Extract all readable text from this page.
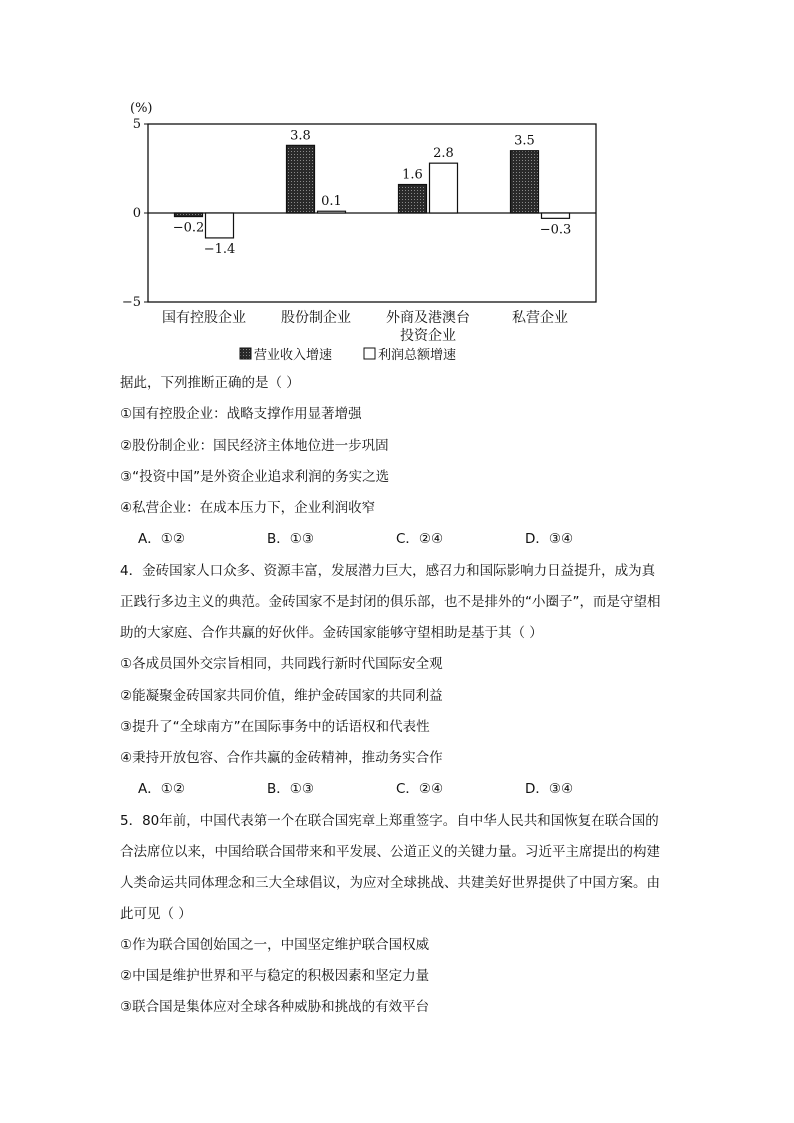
(%)
5
0
−5
−0.2
−1.4
3.8
0.1
1.6
2.8
3.5
−0.3
国有控股企业	股份制企业	外商及港澳台
投资企业
私营企业
营业收入增速	利润总额增速
据此，下列推断正确的是（ ）
①国有控股企业：战略支撑作用显著增强
②股份制企业：国民经济主体地位进一步巩固
③“投资中国”是外资企业追求利润的务实之选
④私营企业：在成本压力下，企业利润收窄
A．①②	B．①③	C．②④	D．③④
4．金砖国家人口众多、资源丰富，发展潜力巨大，感召力和国际影响力日益提升，成为真
正践行多边主义的典范。金砖国家不是封闭的俱乐部，也不是排外的“小圈子”，而是守望相
助的大家庭、合作共赢的好伙伴。金砖国家能够守望相助是基于其（ ）
①各成员国外交宗旨相同，共同践行新时代国际安全观
②能凝聚金砖国家共同价值，维护金砖国家的共同利益
③提升了“全球南方”在国际事务中的话语权和代表性
④秉持开放包容、合作共赢的金砖精神，推动务实合作
A．①②	B．①③	C．②④	D．③④
5．80年前，中国代表第一个在联合国宪章上郑重签字。自中华人民共和国恢复在联合国的
合法席位以来，中国给联合国带来和平发展、公道正义的关键力量。习近平主席提出的构建
人类命运共同体理念和三大全球倡议，为应对全球挑战、共建美好世界提供了中国方案。由
此可见（ ）
①作为联合国创始国之一，中国坚定维护联合国权威
②中国是维护世界和平与稳定的积极因素和坚定力量
③联合国是集体应对全球各种威胁和挑战的有效平台
